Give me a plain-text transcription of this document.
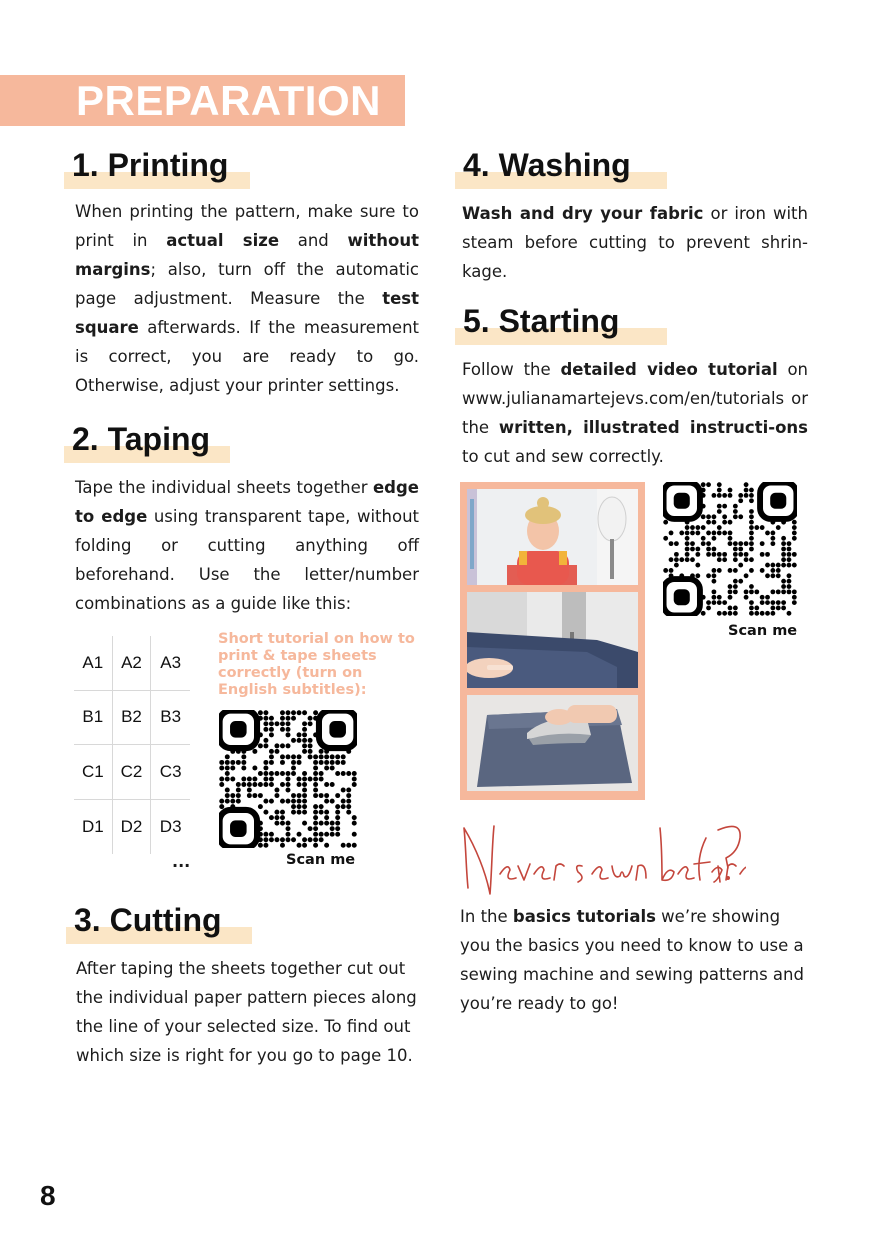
PREPARATION
1. Printing
When printing the pattern, make sure to print in actual size and without margins; also, turn off the automatic page adjustment. Measure the test square afterwards. If the measurement is correct, you are ready to go. Otherwise, adjust your printer settings.
2. Taping
Tape the individual sheets together edge to edge using transparent tape, without folding or cutting anything off beforehand. Use the letter/number combinations as a guide like this:
A1	A2	A3
B1	B2	B3
C1 C2	C3
D1 D2	D3
...
Short tutorial on how to print & tape sheets correctly (turn on English subtitles):
Scan me
3. Cutting
After taping the sheets together cut out the individual paper pattern pieces along the line of your selected size. To find out which size is right for you go to page 10.
4. Washing
Wash and dry your fabric or iron with steam before cutting to prevent shrin-kage.
5. Starting
Follow the detailed video tutorial on www.julianamartejevs.com/en/tutorials or the written, illustrated instructi-ons to cut and sew correctly.
Scan me
In the basics tutorials we’re showing you the basics you need to know to use a sewing machine and sewing patterns and you’re ready to go!
8
